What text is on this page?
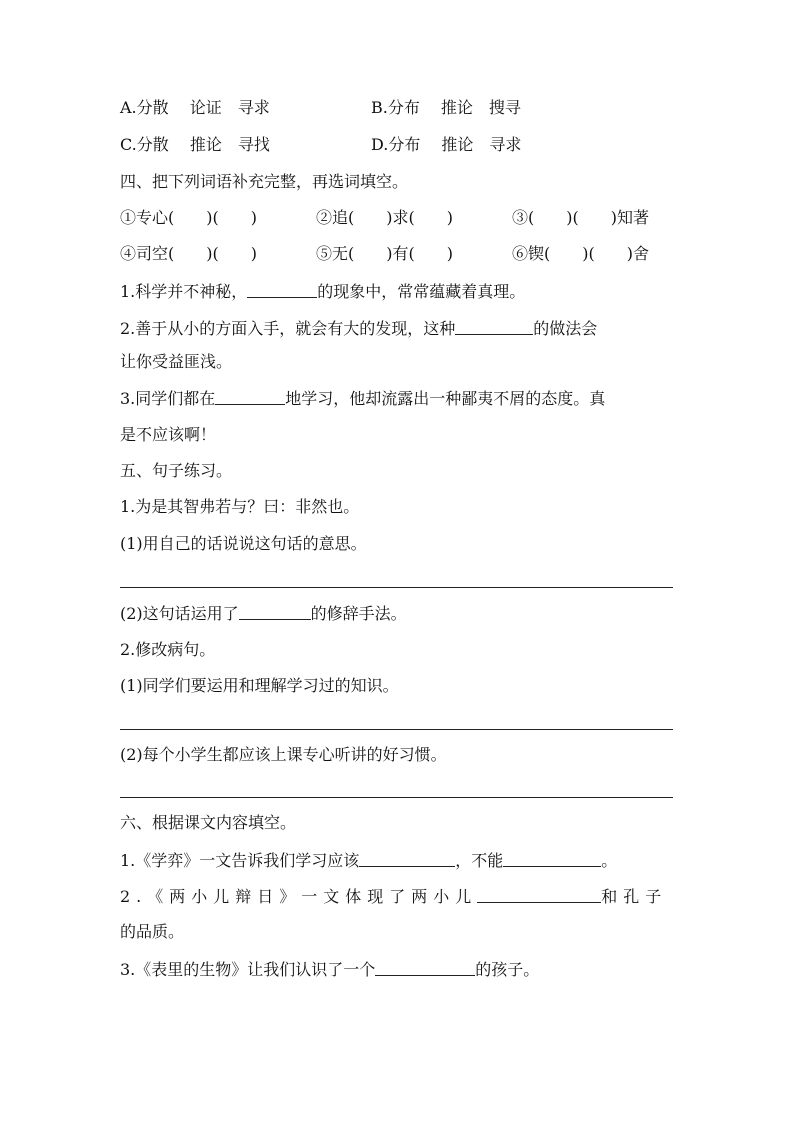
A.分散　 论证　寻求	B.分布　 推论　搜寻
C.分散　 推论　寻找	D.分布　 推论　寻求
四、把下列词语补充完整，再选词填空。
①专心(　　)(　　)	②追(　　)求(　　)	③(　　)(　　)知著
④司空(　　)(　　)	⑤无(　　)有(　　)	⑥锲(　　)(　　)舍
1.科学并不神秘，	的现象中，常常蕴藏着真理。
2.善于从小的方面入手，就会有大的发现，这种	的做法会
让你受益匪浅。
3.同学们都在	地学习，他却流露出一种鄙夷不屑的态度。真
是不应该啊！
五、句子练习。
1.为是其智弗若与？曰：非然也。
(1)用自己的话说说这句话的意思。
(2)这句话运用了	的修辞手法。
2.修改病句。
(1)同学们要运用和理解学习过的知识。
(2)每个小学生都应该上课专心听讲的好习惯。
六、根据课文内容填空。
1.《学弈》一文告诉我们学习应该	，不能	。
2.《两小儿辩日》一文体现了两小儿	和孔子
的品质。
3.《表里的生物》让我们认识了一个	的孩子。
